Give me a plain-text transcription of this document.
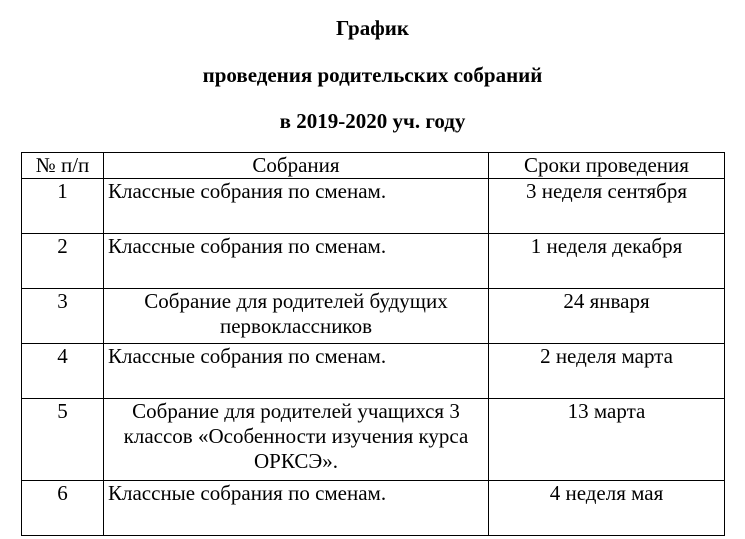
График
проведения родительских собраний
в 2019-2020 уч. году
№ п/п	Собрания	Сроки проведения
1	Классные собрания по сменам.	3 неделя сентября
2	Классные собрания по сменам.	1 неделя декабря
3	Собрание для родителей будущих первоклассников	24 января
4	Классные собрания по сменам.	2 неделя марта
5	Собрание для родителей учащихся 3 классов «Особенности изучения курса ОРКСЭ».	13 марта
6	Классные собрания по сменам.	4 неделя мая
